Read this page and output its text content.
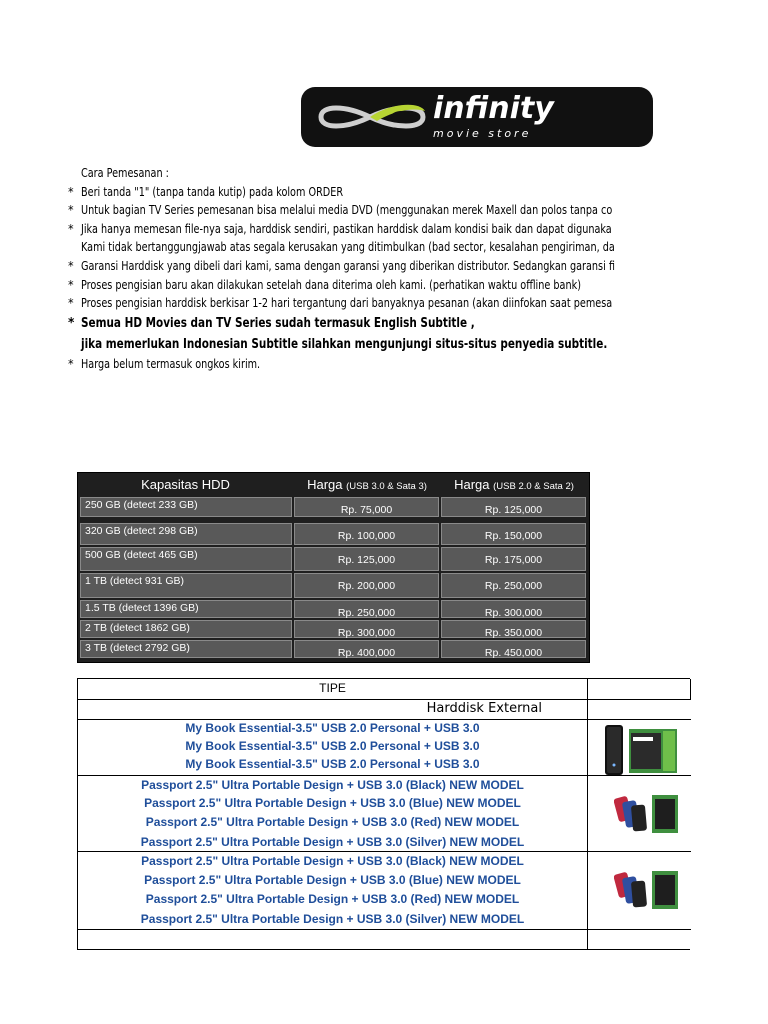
infinity
movie store
Cara Pemesanan :
* Beri tanda "1" (tanpa tanda kutip) pada kolom ORDER
* Untuk bagian TV Series pemesanan bisa melalui media DVD (menggunakan merek Maxell dan polos tanpa co
* Jika hanya memesan file-nya saja, harddisk sendiri, pastikan harddisk dalam kondisi baik dan dapat digunaka
Kami tidak bertanggungjawab atas segala kerusakan yang ditimbulkan (bad sector, kesalahan pengiriman, da
* Garansi Harddisk yang dibeli dari kami, sama dengan garansi yang diberikan distributor. Sedangkan garansi fi
* Proses pengisian baru akan dilakukan setelah dana diterima oleh kami. (perhatikan waktu offline bank)
* Proses pengisian harddisk berkisar 1-2 hari tergantung dari banyaknya pesanan (akan diinfokan saat pemesa
* Semua HD Movies dan TV Series sudah termasuk English Subtitle ,
jika memerlukan Indonesian Subtitle silahkan mengunjungi situs-situs penyedia subtitle.
* Harga belum termasuk ongkos kirim.
Kapasitas HDD	Harga (USB 3.0 & Sata 3)	Harga (USB 2.0 & Sata 2)
250 GB (detect 233 GB)	Rp. 75,000	Rp. 125,000
320 GB (detect 298 GB)	Rp. 100,000	Rp. 150,000
500 GB (detect 465 GB)	Rp. 125,000	Rp. 175,000
1 TB (detect 931 GB)	Rp. 200,000	Rp. 250,000
1.5 TB (detect 1396 GB)	Rp. 250,000	Rp. 300,000
2 TB (detect 1862 GB)	Rp. 300,000	Rp. 350,000
3 TB (detect 2792 GB)	Rp. 400,000	Rp. 450,000
TIPE
Harddisk External
My Book Essential-3.5" USB 2.0 Personal + USB 3.0
My Book Essential-3.5" USB 2.0 Personal + USB 3.0
My Book Essential-3.5" USB 2.0 Personal + USB 3.0
Passport 2.5" Ultra Portable Design + USB 3.0 (Black) NEW MODEL
Passport 2.5" Ultra Portable Design + USB 3.0 (Blue) NEW MODEL
Passport 2.5" Ultra Portable Design + USB 3.0 (Red) NEW MODEL
Passport 2.5" Ultra Portable Design + USB 3.0 (Silver) NEW MODEL
Passport 2.5" Ultra Portable Design + USB 3.0 (Black) NEW MODEL
Passport 2.5" Ultra Portable Design + USB 3.0 (Blue) NEW MODEL
Passport 2.5" Ultra Portable Design + USB 3.0 (Red) NEW MODEL
Passport 2.5" Ultra Portable Design + USB 3.0 (Silver) NEW MODEL
